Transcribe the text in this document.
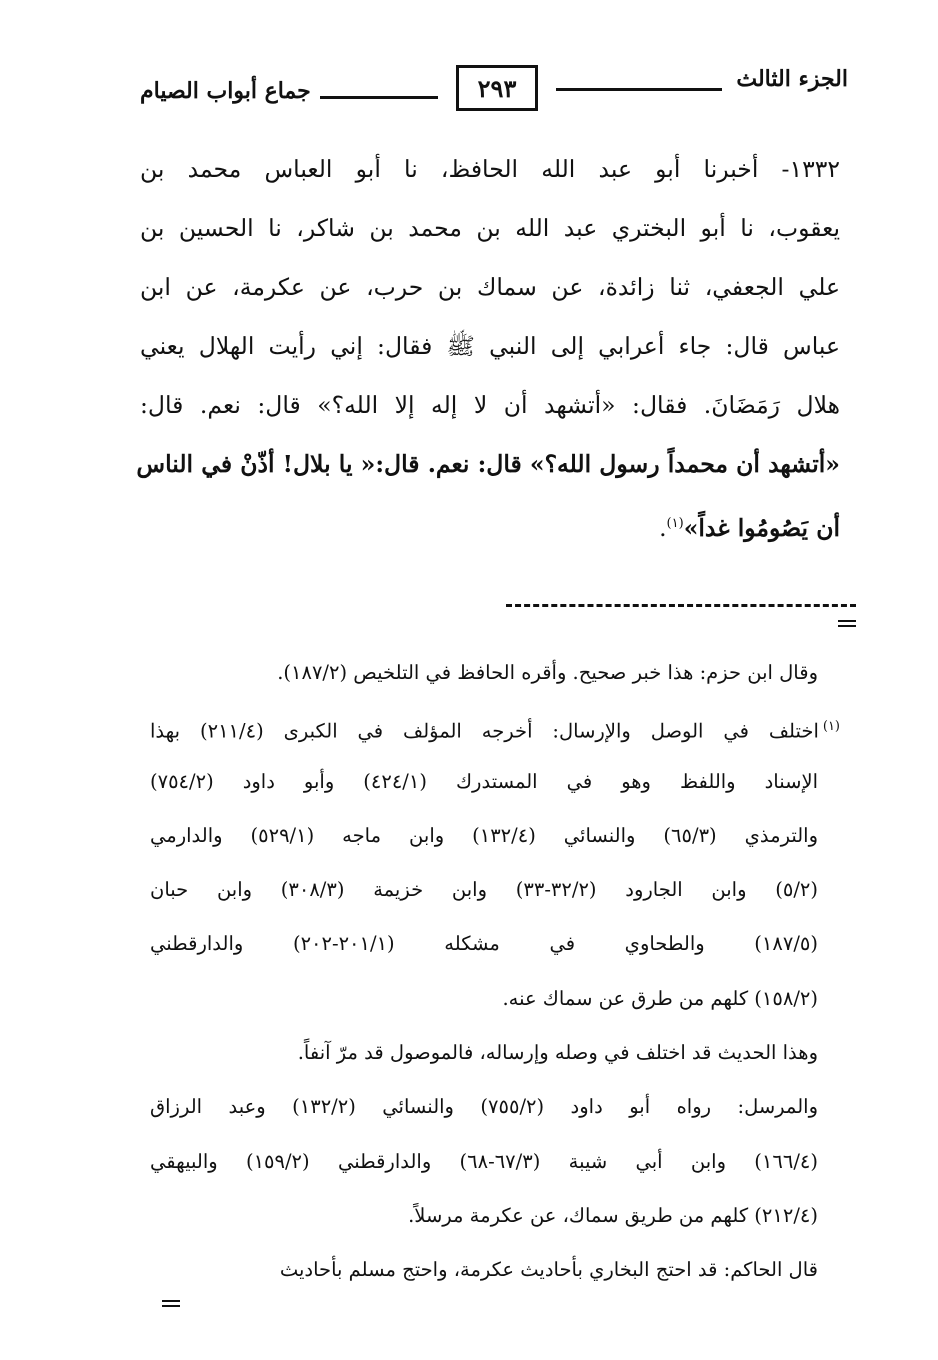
الجزء الثالث
٢٩٣
جماع أبواب الصيام
١٣٣٢- أخبرنا أبو عبد الله الحافظ، نا أبو العباس محمد بن
يعقوب، نا أبو البختري عبد الله بن محمد بن شاكر، نا الحسين بن
علي الجعفي، ثنا زائدة، عن سماك بن حرب، عن عكرمة، عن ابن
عباس قال: جاء أعرابي إلى النبي ﷺ فقال: إني رأيت الهلال يعني
هلال رَمَضَانَ. فقال: «أتشهد أن لا إله إلا الله؟» قال: نعم. قال:
«أتشهد أن محمداً رسول الله؟» قال: نعم. قال:« يا بلال! أذّنْ في الناس
أن يَصُومُوا غداً»$^{(١)}$.
وقال ابن حزم: هذا خبر صحيح. وأقره الحافظ في التلخيص (١٨٧/٢).
$^{(١)}$اختلف في الوصل والإرسال: أخرجه المؤلف في الكبرى (٢١١/٤) بهذا
الإسناد واللفظ وهو في المستدرك (٤٢٤/١) وأبو داود (٧٥٤/٢)
والترمذي (٦٥/٣) والنسائي (١٣٢/٤) وابن ماجه (٥٢٩/١) والدارمي
(٥/٢) وابن الجارود (٣٢/٢-٣٣) وابن خزيمة (٣٠٨/٣) وابن حبان
(١٨٧/٥) والطحاوي في مشكله (٢٠١/١-٢٠٢) والدارقطني
(١٥٨/٢) كلهم من طرق عن سماك عنه.
وهذا الحديث قد اختلف في وصله وإرساله، فالموصول قد مرّ آنفاً.
والمرسل: رواه أبو داود (٧٥٥/٢) والنسائي (١٣٢/٢) وعبد الرزاق
(١٦٦/٤) وابن أبي شيبة (٦٧/٣-٦٨) والدارقطني (١٥٩/٢) والبيهقي
(٢١٢/٤) كلهم من طريق سماك، عن عكرمة مرسلاً.
قال الحاكم: قد احتج البخاري بأحاديث عكرمة، واحتج مسلم بأحاديث
